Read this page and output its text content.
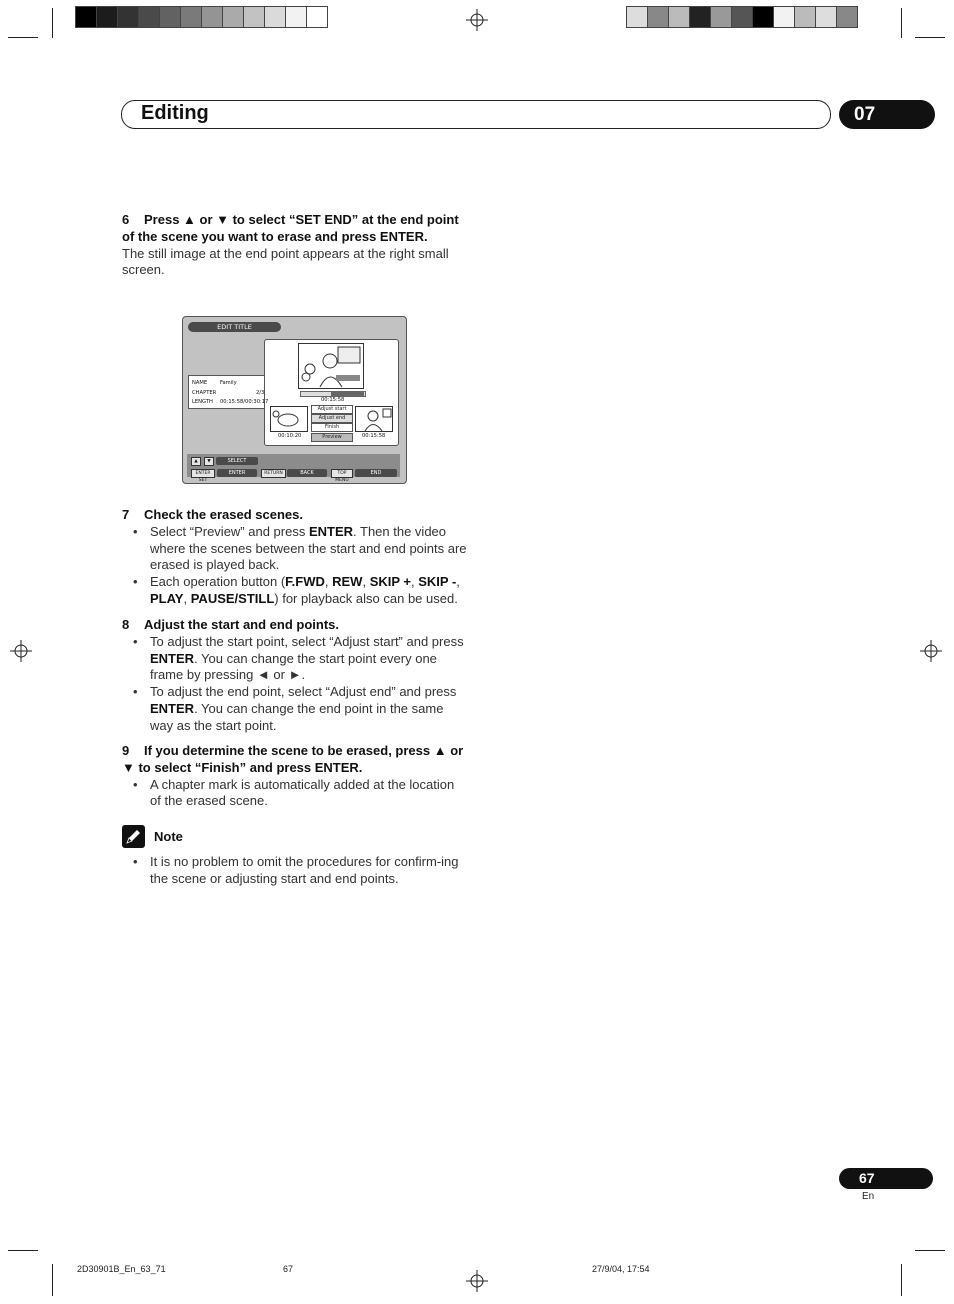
Editing	07
6 Press ▲ or ▼ to select “SET END” at the end point of the scene you want to erase and press ENTER.
The still image at the end point appears at the right small screen.
EDIT TITLE
NAME Family
CHAPTER	2/3
LENGTH 00:15:58/00:30:17	00:15:58
00:10:20	00:15:58
Adjust start
Adjust end
Finish
Preview
▲	▼	SELECT
ENTER SET
ENTER	RETURN	BACK	TOP MENU
END
7 Check the erased scenes.
• Select “Preview” and press ENTER. Then the video where the scenes between the start and end points are erased is played back.
• Each operation button (F.FWD, REW, SKIP +, SKIP -, PLAY, PAUSE/STILL) for playback also can be used.
8 Adjust the start and end points.
• To adjust the start point, select “Adjust start” and press ENTER. You can change the start point every one frame by pressing ◄ or ►.
• To adjust the end point, select “Adjust end” and press ENTER. You can change the end point in the same way as the start point.
9 If you determine the scene to be erased, press ▲ or ▼ to select “Finish” and press ENTER.
• A chapter mark is automatically added at the location of the erased scene.
Note
• It is no problem to omit the procedures for confirm-ing the scene or adjusting start and end points.
67
En
2D30901B_En_63_71	67	27/9/04, 17:54
